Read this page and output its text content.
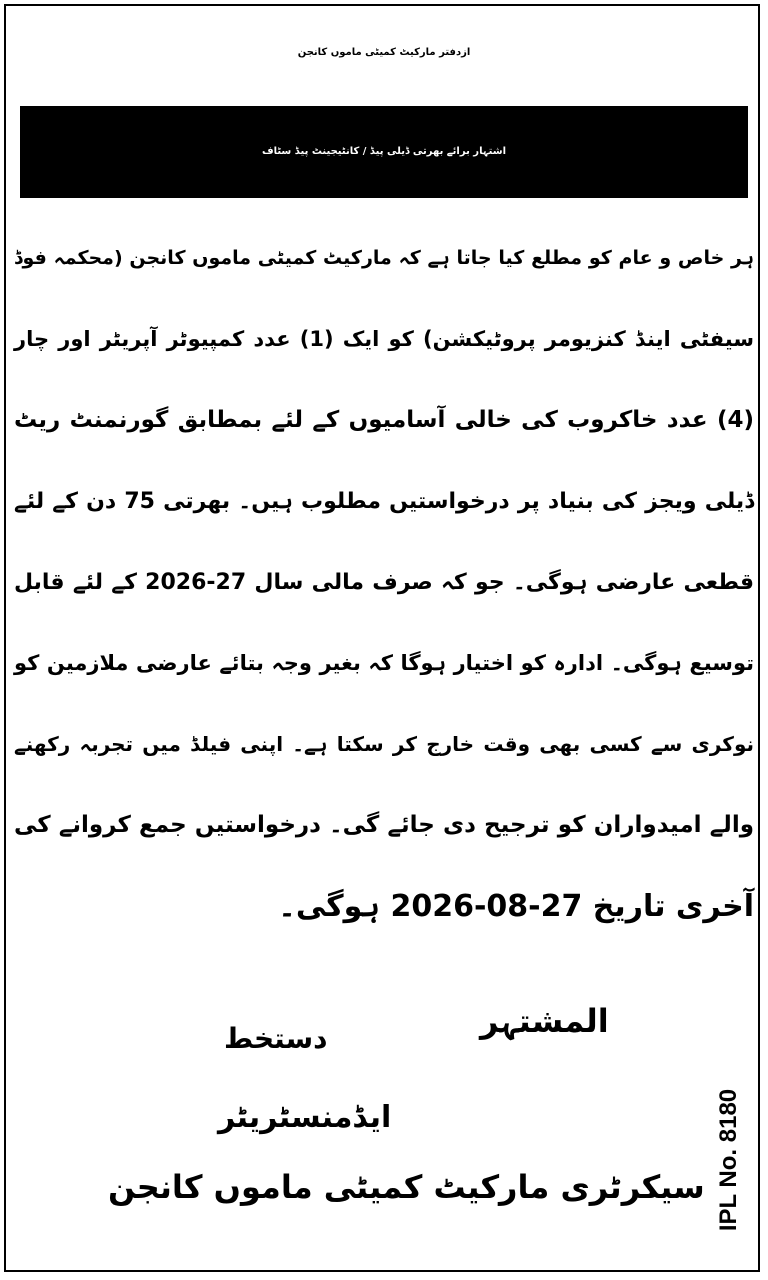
ازدفتر مارکیٹ کمیٹی ماموں کانجن
اشتہار برائے بھرتی ڈیلی پیڈ / کانٹیجینٹ پیڈ سٹاف
ہر خاص و عام کو مطلع کیا جاتا ہے کہ مارکیٹ کمیٹی ماموں کانجن (محکمہ فوڈ
سیفٹی اینڈ کنزیومر پروٹیکشن) کو ایک (1) عدد کمپیوٹر آپریٹر اور چار
(4) عدد خاکروب کی خالی آسامیوں کے لئے بمطابق گورنمنٹ ریٹ
ڈیلی ویجز کی بنیاد پر درخواستیں مطلوب ہیں۔ بھرتی 75 دن کے لئے
قطعی عارضی ہوگی۔ جو کہ صرف مالی سال 27-2026 کے لئے قابل
توسیع ہوگی۔ ادارہ کو اختیار ہوگا کہ بغیر وجہ بتائے عارضی ملازمین کو
نوکری سے کسی بھی وقت خارج کر سکتا ہے۔ اپنی فیلڈ میں تجربہ رکھنے
والے امیدواران کو ترجیح دی جائے گی۔ درخواستیں جمع کروانے کی
آخری تاریخ 27-08-2026 ہوگی۔
المشتہر
دستخط
ایڈمنسٹریٹر
سیکرٹری مارکیٹ کمیٹی ماموں کانجن IPL No. 8180
